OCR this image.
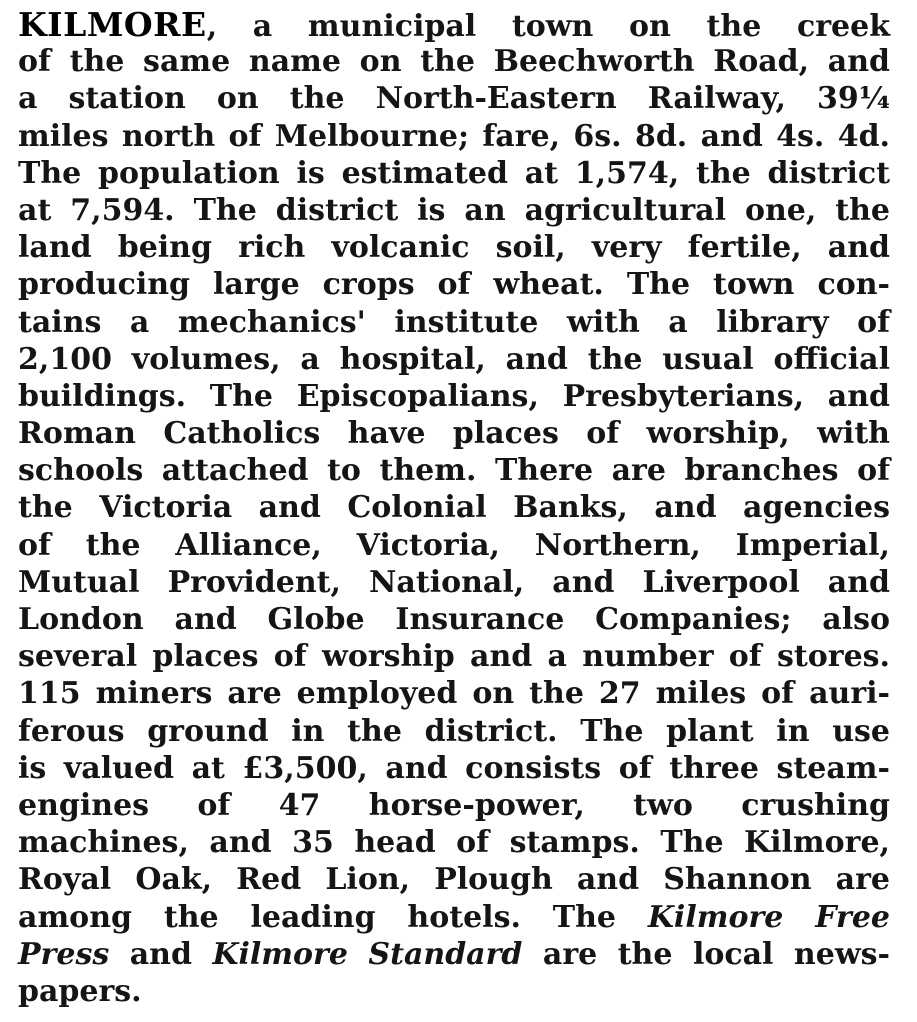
KILMORE, a municipal town on the creek
of the same name on the Beechworth Road, and
a station on the North-Eastern Railway, 39¼
miles north of Melbourne; fare, 6s. 8d. and 4s. 4d.
The population is estimated at 1,574, the district
at 7,594. The district is an agricultural one, the
land being rich volcanic soil, very fertile, and
producing large crops of wheat. The town con-
tains a mechanics' institute with a library of
2,100 volumes, a hospital, and the usual official
buildings. The Episcopalians, Presbyterians, and
Roman Catholics have places of worship, with
schools attached to them. There are branches of
the Victoria and Colonial Banks, and agencies
of the Alliance, Victoria, Northern, Imperial,
Mutual Provident, National, and Liverpool and
London and Globe Insurance Companies; also
several places of worship and a number of stores.
115 miners are employed on the 27 miles of auri-
ferous ground in the district. The plant in use
is valued at £3,500, and consists of three steam-
engines of 47 horse-power, two crushing
machines, and 35 head of stamps. The Kilmore,
Royal Oak, Red Lion, Plough and Shannon are
among the leading hotels. The Kilmore Free
Press and Kilmore Standard are the local news-
papers.
